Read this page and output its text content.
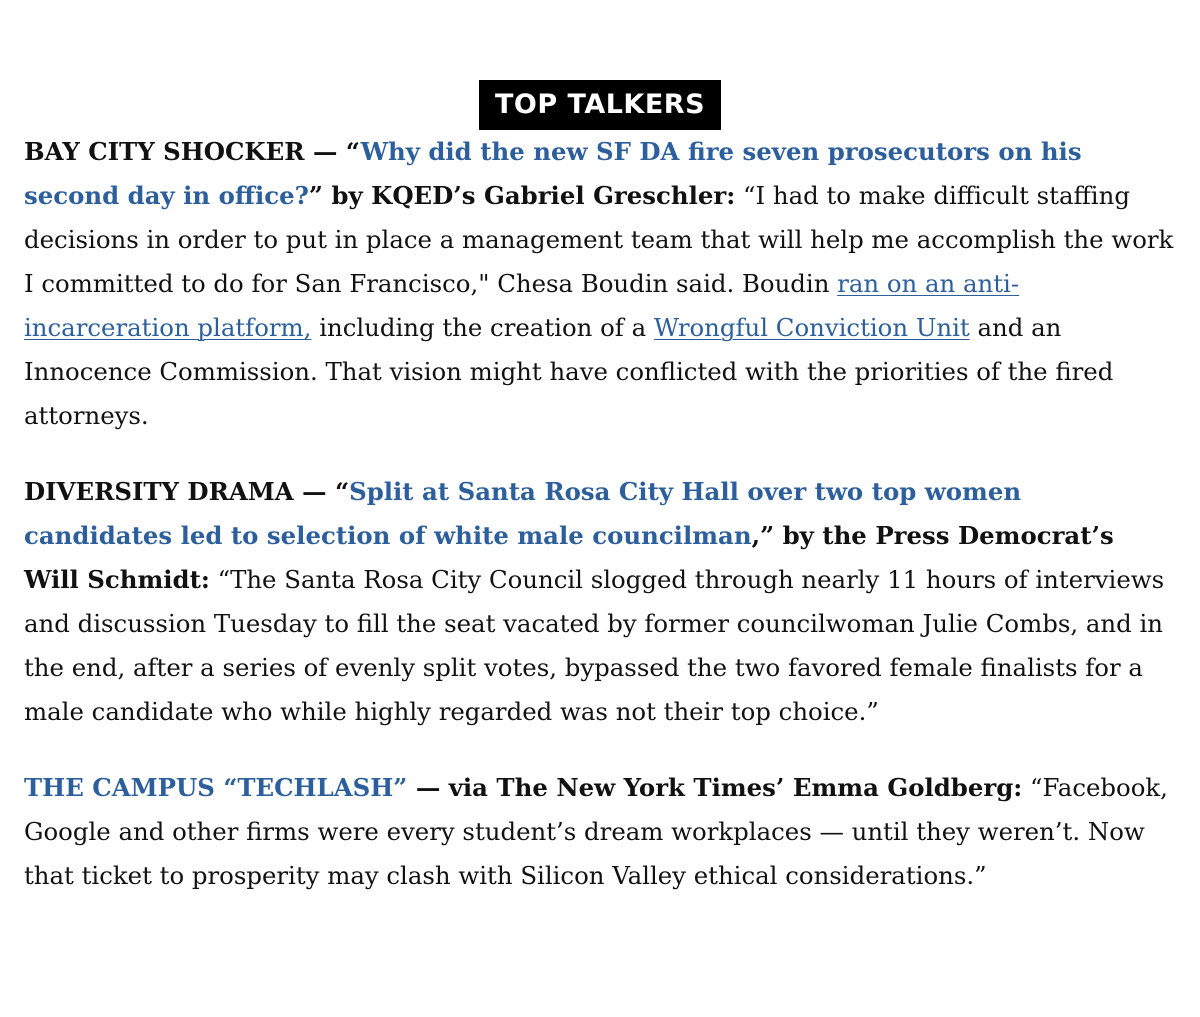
TOP TALKERS

BAY CITY SHOCKER — “Why did the new SF DA fire seven prosecutors on his second day in office?” by KQED’s Gabriel Greschler: “I had to make difficult staffing decisions in order to put in place a management team that will help me accomplish the work I committed to do for San Francisco," Chesa Boudin said. Boudin ran on an anti-incarceration platform, including the creation of a Wrongful Conviction Unit and an Innocence Commission. That vision might have conflicted with the priorities of the fired attorneys.

DIVERSITY DRAMA — “Split at Santa Rosa City Hall over two top women candidates led to selection of white male councilman,” by the Press Democrat’s Will Schmidt: “The Santa Rosa City Council slogged through nearly 11 hours of interviews and discussion Tuesday to fill the seat vacated by former councilwoman Julie Combs, and in the end, after a series of evenly split votes, bypassed the two favored female finalists for a male candidate who while highly regarded was not their top choice.”

THE CAMPUS “TECHLASH” — via The New York Times’ Emma Goldberg: “Facebook, Google and other firms were every student’s dream workplaces — until they weren’t. Now that ticket to prosperity may clash with Silicon Valley ethical considerations.”
